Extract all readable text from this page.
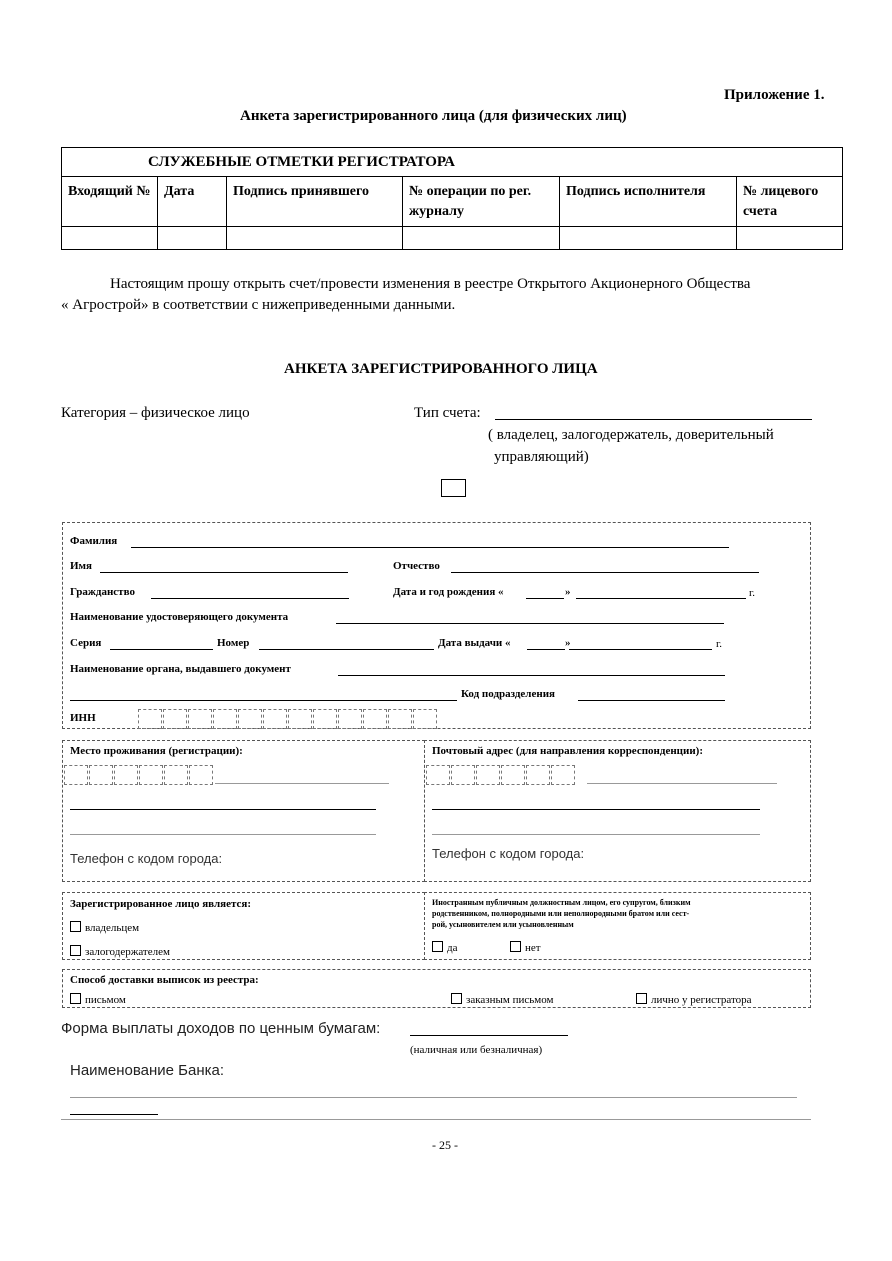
Приложение 1.
Анкета зарегистрированного лица (для физических лиц)
СЛУЖЕБНЫЕ ОТМЕТКИ РЕГИСТРАТОРА					
Входящий №	Дата	Подпись принявшего	№ операции по рег. журналу	Подпись исполнителя	№ лицевого счета

Настоящим прошу открыть счет/провести изменения в реестре Открытого Акционерного Общества
« Агрострой» в соответствии с нижеприведенными данными.
АНКЕТА ЗАРЕГИСТРИРОВАННОГО ЛИЦА
Категория – физическое лицо	Тип счета:
( владелец, залогодержатель, доверительный
управляющий)
Фамилия
Имя	Отчество
Гражданство	Дата и год рождения «	»	г.
Наименование удостоверяющего документа
Серия	Номер	Дата выдачи «	»	г.
Наименование органа, выдавшего документ
Код подразделения
ИНН
Место проживания (регистрации):
Телефон с кодом города:
Почтовый адрес (для направления корреспонденции):
Телефон с кодом города:
Зарегистрированное лицо является:
владельцем
залогодержателем
Иностранным публичным должностным лицом, его супругом, близким
родственником, полнородными или неполнородными братом или сест-
рой, усыновителем или усыновленным
да	нет
Способ доставки выписок из реестра:
письмом	заказным письмом	лично у регистратора
Форма выплаты доходов по ценным бумагам:
(наличная или безналичная)
Наименование Банка:
- 25 -
